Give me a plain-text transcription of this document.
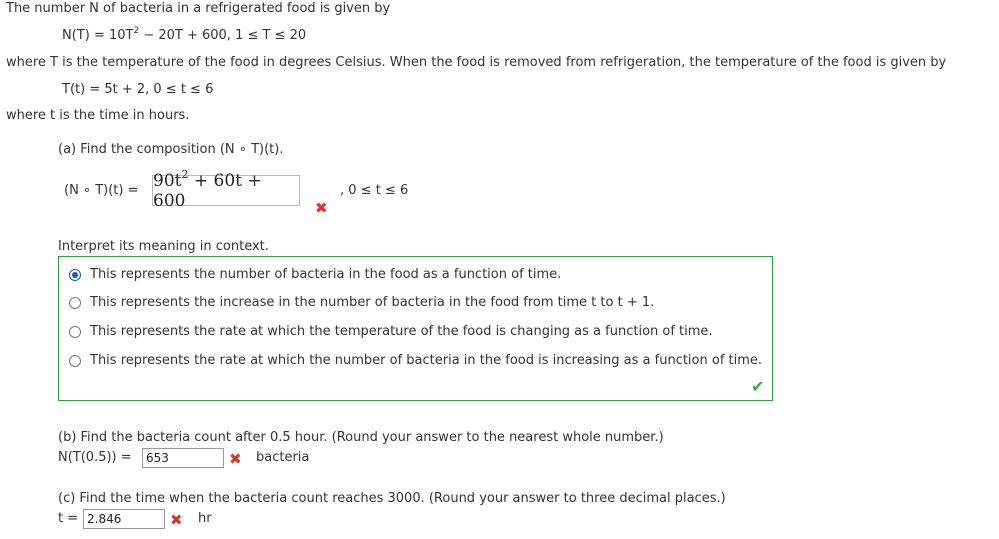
The number N of bacteria in a refrigerated food is given by
$N(T) = 10T^2 - 20T + 600$, 1 ≤ T ≤ 20
where T is the temperature of the food in degrees Celsius. When the food is removed from refrigeration, the temperature of the food is given by
T(t) = 5t + 2, 0 ≤ t ≤ 6
where t is the time in hours.
(a) Find the composition (N ∘ T)(t).
(N ∘ $T)(t) = 90t^2 + 60t + 600$	, 0 ≤ t ≤ 6
✖
Interpret its meaning in context.
This represents the number of bacteria in the food as a function of time.
This represents the increase in the number of bacteria in the food from time t to t + 1.
This represents the rate at which the temperature of the food is changing as a function of time.
This represents the rate at which the number of bacteria in the food is increasing as a function of time.
✔
(b) Find the bacteria count after 0.5 hour. (Round your answer to the nearest whole number.)
N(T(0.5)) =	653	✖ bacteria
(c) Find the time when the bacteria count reaches 3000. (Round your answer to three decimal places.)
t = 2.846	✖ hr
